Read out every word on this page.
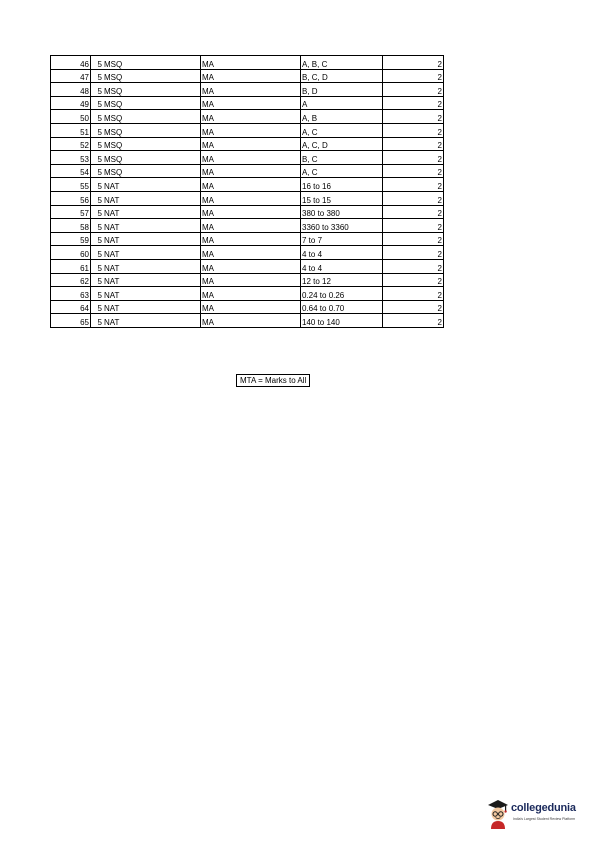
46	5	MSQ	MA	A, B, C	2
47	5	MSQ	MA	B, C, D	2
48	5	MSQ	MA	B, D	2
49	5	MSQ	MA	A	2
50	5	MSQ	MA	A, B	2
51	5	MSQ	MA	A, C	2
52	5	MSQ	MA	A, C, D	2
53	5	MSQ	MA	B, C	2
54	5	MSQ	MA	A, C	2
55	5	NAT	MA	16 to 16	2
56	5	NAT	MA	15 to 15	2
57	5	NAT	MA	380 to 380	2
58	5	NAT	MA	3360 to 3360	2
59	5	NAT	MA	7 to 7	2
60	5	NAT	MA	4 to 4	2
61	5	NAT	MA	4 to 4	2
62	5	NAT	MA	12 to 12	2
63	5	NAT	MA	0.24 to 0.26	2
64	5	NAT	MA	0.64 to 0.70	2
65	5	NAT	MA	140 to 140	2
MTA = Marks to All
collegedunia
India's Largest Student Review Platform
